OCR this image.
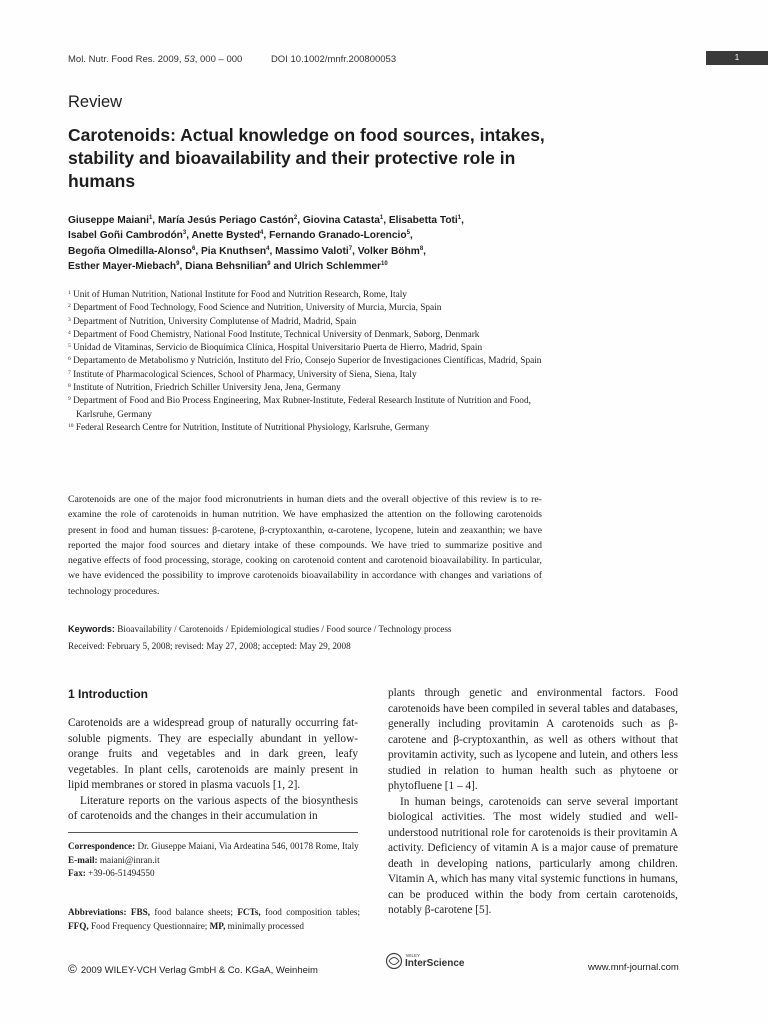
Mol. Nutr. Food Res. 2009, 53, 000 – 000	DOI 10.1002/mnfr.200800053	1
Review
Carotenoids: Actual knowledge on food sources, intakes, stability and bioavailability and their protective role in humans
Giuseppe Maiani$^1$, María Jesús Periago Castón$^2$, Giovina Catasta$^1$, Elisabetta Toti$^1$,
Isabel Goñi Cambrodón$^3$, Anette Bysted$^4$, Fernando Granado-Lorencio$^5$,
Begoña Olmedilla-Alonso$^6$, Pia Knuthsen$^4$, Massimo Valoti$^7$, Volker Böhm$^8$,
Esther Mayer-Miebach$^9$, Diana Behsnilian$^9$ and Ulrich Schlemmer$^{10}$
$^1$ Unit of Human Nutrition, National Institute for Food and Nutrition Research, Rome, Italy
$^2$ Department of Food Technology, Food Science and Nutrition, University of Murcia, Murcia, Spain
$^3$ Department of Nutrition, University Complutense of Madrid, Madrid, Spain
$^4$ Department of Food Chemistry, National Food Institute, Technical University of Denmark, Søborg, Denmark
$^5$ Unidad de Vitaminas, Servicio de Bioquímica Clínica, Hospital Universitario Puerta de Hierro, Madrid, Spain
$^6$ Departamento de Metabolismo y Nutrición, Instituto del Frío, Consejo Superior de Investigaciones Científicas, Madrid, Spain
$^7$ Institute of Pharmacological Sciences, School of Pharmacy, University of Siena, Siena, Italy
$^8$ Institute of Nutrition, Friedrich Schiller University Jena, Jena, Germany
$^9$ Department of Food and Bio Process Engineering, Max Rubner-Institute, Federal Research Institute of Nutrition and Food, Karlsruhe, Germany
$^{10}$ Federal Research Centre for Nutrition, Institute of Nutritional Physiology, Karlsruhe, Germany
Carotenoids are one of the major food micronutrients in human diets and the overall objective of this review is to re-examine the role of carotenoids in human nutrition. We have emphasized the attention on the following carotenoids present in food and human tissues: β-carotene, β-cryptoxanthin, α-carotene, lycopene, lutein and zeaxanthin; we have reported the major food sources and dietary intake of these compounds. We have tried to summarize positive and negative effects of food processing, storage, cooking on carotenoid content and carotenoid bioavailability. In particular, we have evidenced the possibility to improve carotenoids bioavailability in accordance with changes and variations of technology procedures.
Keywords: Bioavailability / Carotenoids / Epidemiological studies / Food source / Technology process
Received: February 5, 2008; revised: May 27, 2008; accepted: May 29, 2008
1 Introduction

Carotenoids are a widespread group of naturally occurring fat-soluble pigments. They are especially abundant in yellow-orange fruits and vegetables and in dark green, leafy vegetables. In plant cells, carotenoids are mainly present in lipid membranes or stored in plasma vacuols [1, 2].

Literature reports on the various aspects of the biosynthesis of carotenoids and the changes in their accumulation in

plants through genetic and environmental factors. Food carotenoids have been compiled in several tables and databases, generally including provitamin A carotenoids such as β-carotene and β-cryptoxanthin, as well as others without that provitamin activity, such as lycopene and lutein, and others less studied in relation to human health such as phytoene or phytofluene [1 – 4].

In human beings, carotenoids can serve several important biological activities. The most widely studied and well-understood nutritional role for carotenoids is their provitamin A activity. Deficiency of vitamin A is a major cause of premature death in developing nations, particularly among children. Vitamin A, which has many vital systemic functions in humans, can be produced within the body from certain carotenoids, notably β-carotene [5].

Correspondence: Dr. Giuseppe Maiani, Via Ardeatina 546, 00178 Rome, Italy
E-mail: maiani@inran.it
Fax: +39-06-51494550
Abbreviations: FBS, food balance sheets; FCTs, food composition tables; FFQ, Food Frequency Questionnaire; MP, minimally processed
© 2009 WILEY-VCH Verlag GmbH & Co. KGaA, Weinheim
WILEY
InterScience	www.mnf-journal.com
